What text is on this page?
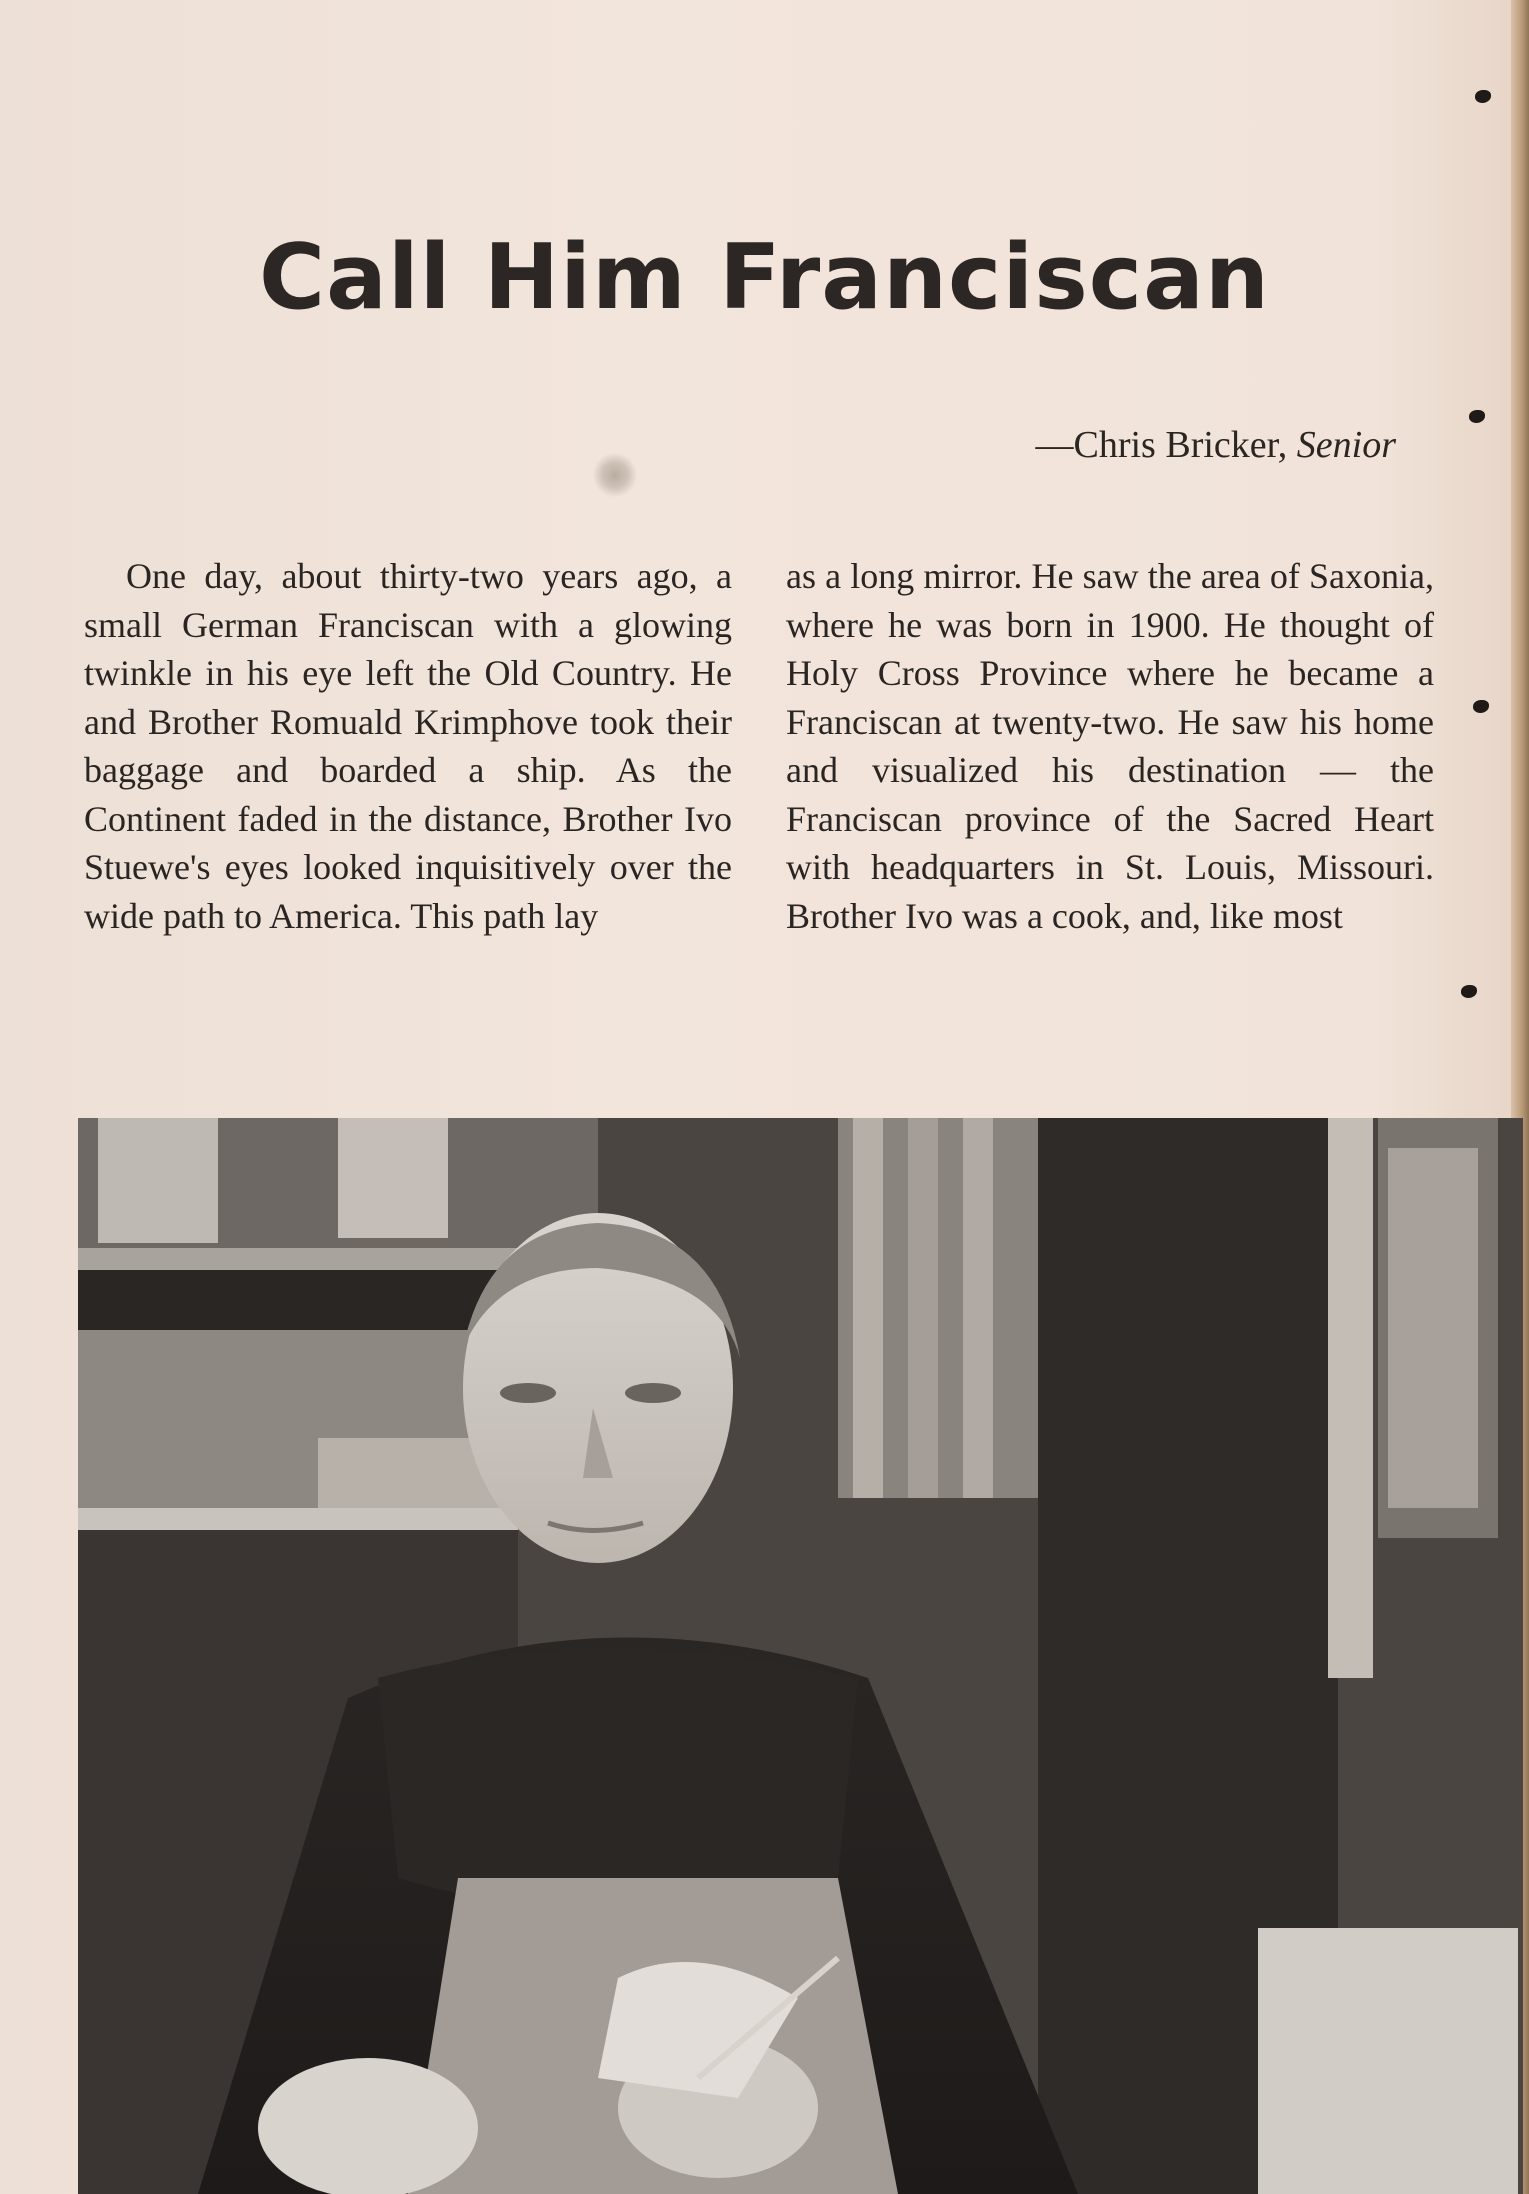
Call Him Franciscan
—Chris Bricker, Senior

One day, about thirty-two years ago, a small German Franciscan with a glowing twinkle in his eye left the Old Country. He and Brother Romuald Krimphove took their baggage and boarded a ship. As the Continent faded in the distance, Brother Ivo Stuewe's eyes looked inquisitively over the wide path to America. This path lay

as a long mirror. He saw the area of Saxonia, where he was born in 1900. He thought of Holy Cross Province where he became a Franciscan at twenty-two. He saw his home and visualized his destination — the Franciscan province of the Sacred Heart with headquarters in St. Louis, Missouri. Brother Ivo was a cook, and, like most
